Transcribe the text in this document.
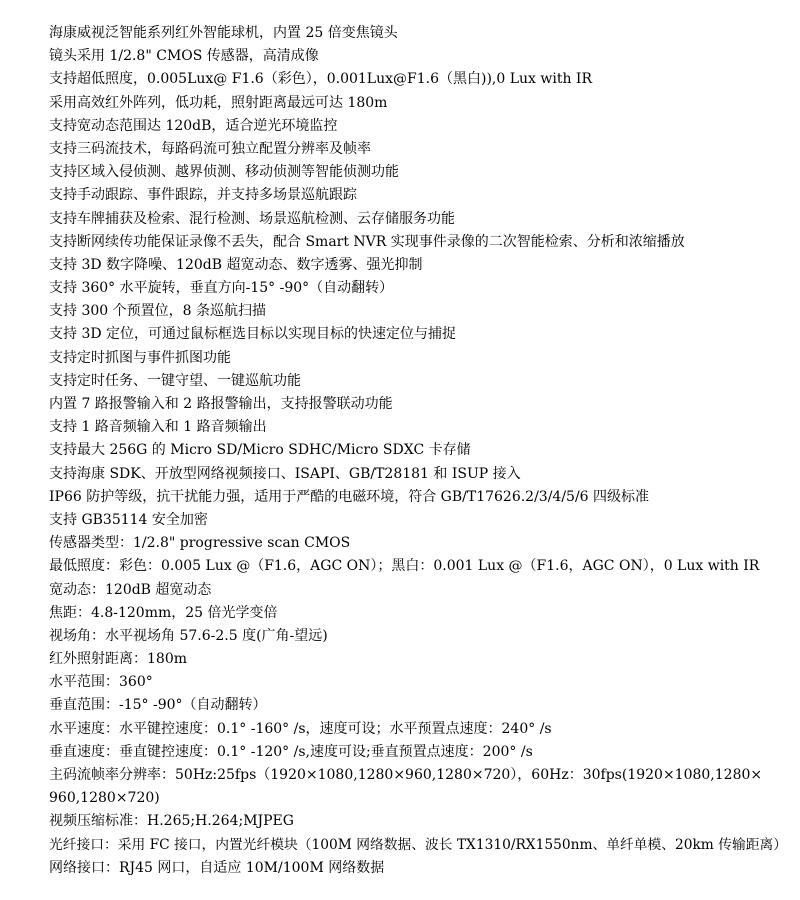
海康威视泛智能系列红外智能球机，内置 25 倍变焦镜头
镜头采用 1/2.8" CMOS 传感器，高清成像
支持超低照度，0.005Lux@ F1.6（彩色），0.001Lux@F1.6（黑白)),0 Lux with IR
采用高效红外阵列，低功耗，照射距离最远可达 180m
支持宽动态范围达 120dB，适合逆光环境监控
支持三码流技术，每路码流可独立配置分辨率及帧率
支持区域入侵侦测、越界侦测、移动侦测等智能侦测功能
支持手动跟踪、事件跟踪，并支持多场景巡航跟踪
支持车牌捕获及检索、混行检测、场景巡航检测、云存储服务功能
支持断网续传功能保证录像不丢失，配合 Smart NVR 实现事件录像的二次智能检索、分析和浓缩播放
支持 3D 数字降噪、120dB 超宽动态、数字透雾、强光抑制
支持 360° 水平旋转，垂直方向-15° -90°（自动翻转）
支持 300 个预置位，8 条巡航扫描
支持 3D 定位，可通过鼠标框选目标以实现目标的快速定位与捕捉
支持定时抓图与事件抓图功能
支持定时任务、一键守望、一键巡航功能
内置 7 路报警输入和 2 路报警输出，支持报警联动功能
支持 1 路音频输入和 1 路音频输出
支持最大 256G 的 Micro SD/Micro SDHC/Micro SDXC 卡存储
支持海康 SDK、开放型网络视频接口、ISAPI、GB/T28181 和 ISUP 接入
IP66 防护等级，抗干扰能力强，适用于严酷的电磁环境，符合 GB/T17626.2/3/4/5/6 四级标准
支持 GB35114 安全加密
传感器类型：1/2.8" progressive scan CMOS
最低照度：彩色：0.005 Lux @（F1.6，AGC ON）；黑白：0.001 Lux @（F1.6，AGC ON），0 Lux with IR
宽动态：120dB 超宽动态
焦距：4.8-120mm，25 倍光学变倍
视场角：水平视场角 57.6-2.5 度(广角-望远)
红外照射距离：180m
水平范围：360°
垂直范围：-15° -90°（自动翻转）
水平速度：水平键控速度：0.1° -160° /s，速度可设；水平预置点速度：240° /s
垂直速度：垂直键控速度：0.1° -120° /s,速度可设;垂直预置点速度：200° /s
主码流帧率分辨率：50Hz:25fps（1920×1080,1280×960,1280×720），60Hz：30fps(1920×1080,1280×
960,1280×720)
视频压缩标准：H.265;H.264;MJPEG
光纤接口：采用 FC 接口，内置光纤模块（100M 网络数据、波长 TX1310/RX1550nm、单纤单模、20km 传输距离）
网络接口：RJ45 网口，自适应 10M/100M 网络数据
